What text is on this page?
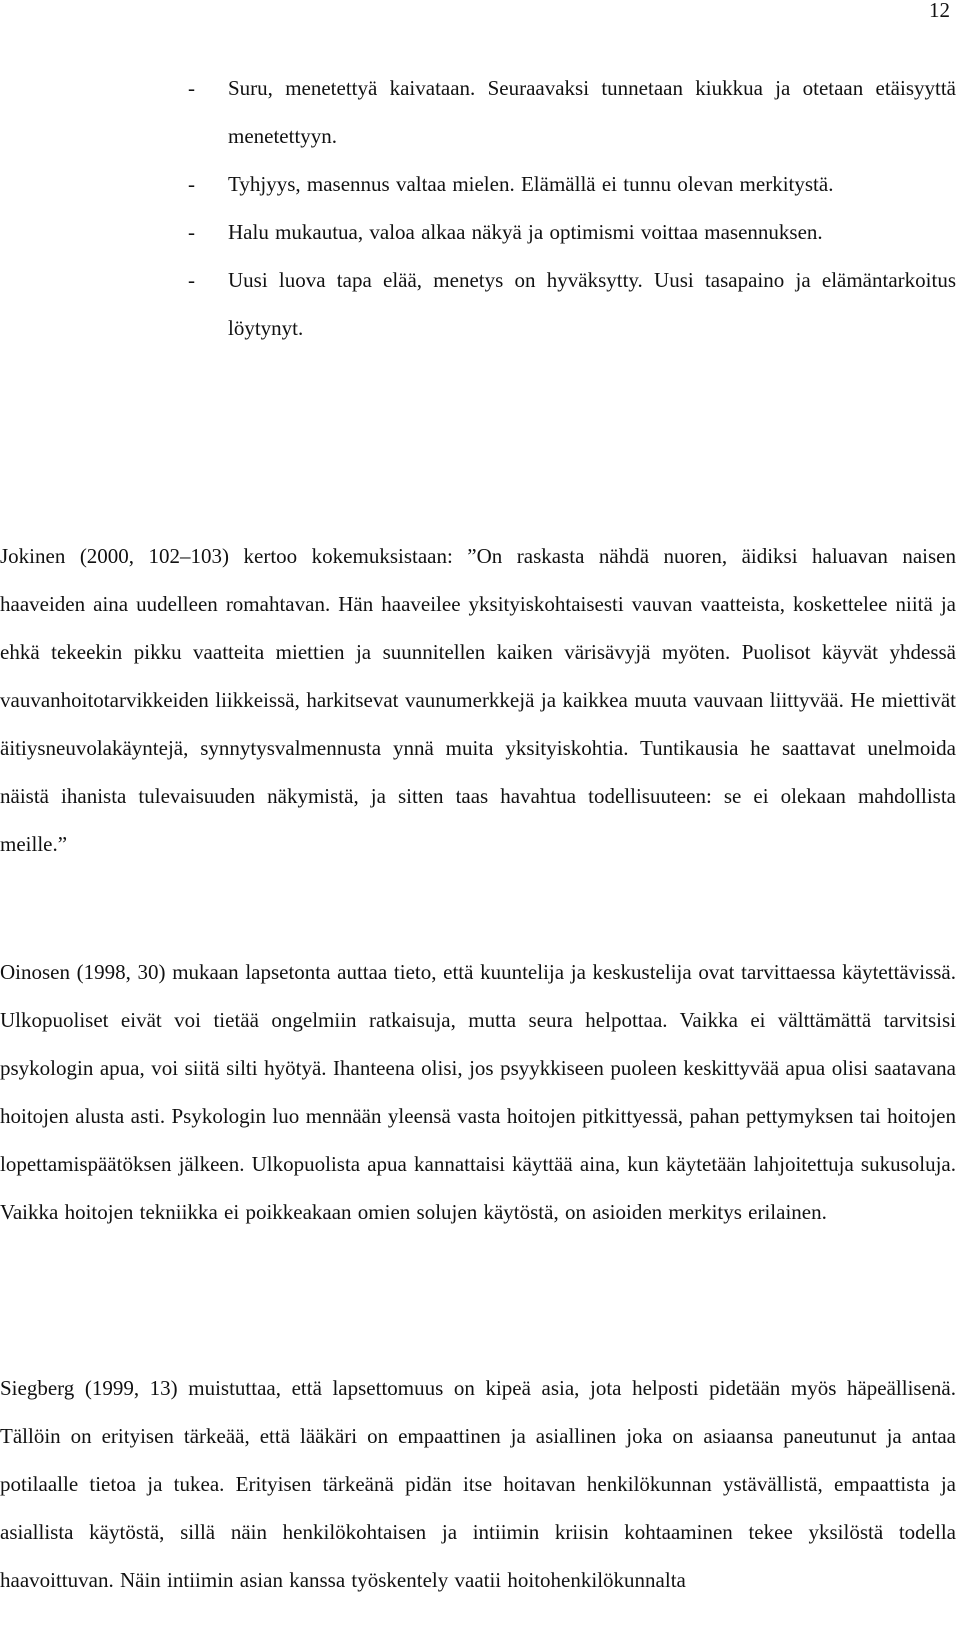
12
- Suru, menetettyä kaivataan. Seuraavaksi tunnetaan kiukkua ja otetaan etäisyyttä menetettyyn.
- Tyhjyys, masennus valtaa mielen. Elämällä ei tunnu olevan merkitystä.
- Halu mukautua, valoa alkaa näkyä ja optimismi voittaa masennuksen.
- Uusi luova tapa elää, menetys on hyväksytty. Uusi tasapaino ja elämäntarkoitus löytynyt.

Jokinen (2000, 102–103) kertoo kokemuksistaan: ”On raskasta nähdä nuoren, äidiksi haluavan naisen haaveiden aina uudelleen romahtavan. Hän haaveilee yksityiskohtaisesti vauvan vaatteista, koskettelee niitä ja ehkä tekeekin pikku vaatteita miettien ja suunnitellen kaiken värisävyjä myöten. Puolisot käyvät yhdessä vauvanhoitotarvikkeiden liikkeissä, harkitsevat vaunumerkkejä ja kaikkea muuta vauvaan liittyvää. He miettivät äitiysneuvolakäyntejä, synnytysvalmennusta ynnä muita yksityiskohtia. Tuntikausia he saattavat unelmoida näistä ihanista tulevaisuuden näkymistä, ja sitten taas havahtua todellisuuteen: se ei olekaan mahdollista meille.”

Oinosen (1998, 30) mukaan lapsetonta auttaa tieto, että kuuntelija ja keskustelija ovat tarvittaessa käytettävissä. Ulkopuoliset eivät voi tietää ongelmiin ratkaisuja, mutta seura helpottaa. Vaikka ei välttämättä tarvitsisi psykologin apua, voi siitä silti hyötyä. Ihanteena olisi, jos psyykkiseen puoleen keskittyvää apua olisi saatavana hoitojen alusta asti. Psykologin luo mennään yleensä vasta hoitojen pitkittyessä, pahan pettymyksen tai hoitojen lopettamispäätöksen jälkeen. Ulkopuolista apua kannattaisi käyttää aina, kun käytetään lahjoitettuja sukusoluja. Vaikka hoitojen tekniikka ei poikkeakaan omien solujen käytöstä, on asioiden merkitys erilainen.

Siegberg (1999, 13) muistuttaa, että lapsettomuus on kipeä asia, jota helposti pidetään myös häpeällisenä. Tällöin on erityisen tärkeää, että lääkäri on empaattinen ja asiallinen joka on asiaansa paneutunut ja antaa potilaalle tietoa ja tukea. Erityisen tärkeänä pidän itse hoitavan henkilökunnan ystävällistä, empaattista ja asiallista käytöstä, sillä näin henkilökohtaisen ja intiimin kriisin kohtaaminen tekee yksilöstä todella haavoittuvan. Näin intiimin asian kanssa työskentely vaatii hoitohenkilökunnalta
